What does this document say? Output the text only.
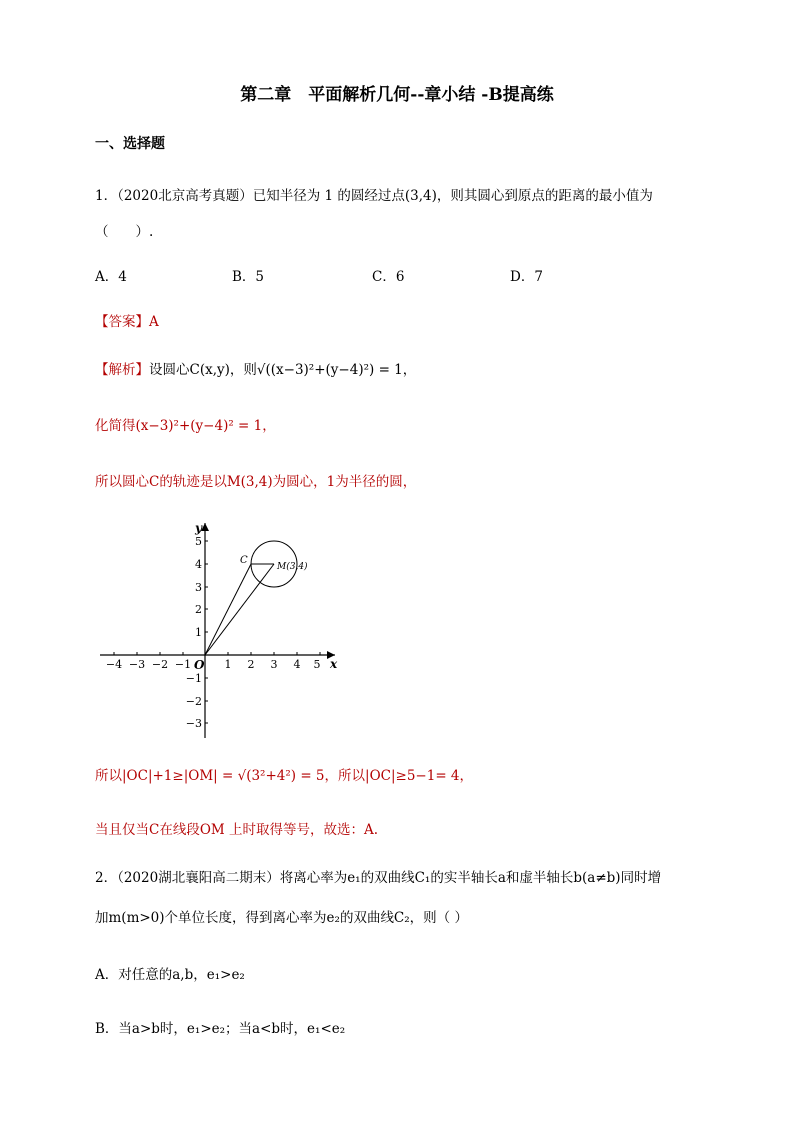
第二章　平面解析几何--章小结 -B提高练
一、选择题
1．（2020北京高考真题）已知半径为 1 的圆经过点(3,4)，则其圆心到原点的距离的最小值为
（　　）.
A．4	B．5	C．6	D．7
【答案】A
【解析】设圆心C(x,y)，则√((x−3)²+(y−4)²) = 1，
化简得(x−3)²+(y−4)² = 1，
所以圆心C的轨迹是以M(3,4)为圆心，1为半径的圆，
−4 −3 −2 −1	1 2 3 4 5 x
5
4
3
2
1
−1
−2
−3
y
O
C
M(3,4)
所以|OC|+1≥|OM| = √(3²+4²) = 5，所以|OC|≥5−1= 4，
当且仅当C在线段OM 上时取得等号，故选：A.
2．（2020湖北襄阳高二期末）将离心率为e₁的双曲线C₁的实半轴长a和虚半轴长b(a≠b)同时增
加m(m>0)个单位长度，得到离心率为e₂的双曲线C₂，则（ ）
A．对任意的a,b，e₁>e₂
B．当a>b时，e₁>e₂；当a<b时，e₁<e₂
